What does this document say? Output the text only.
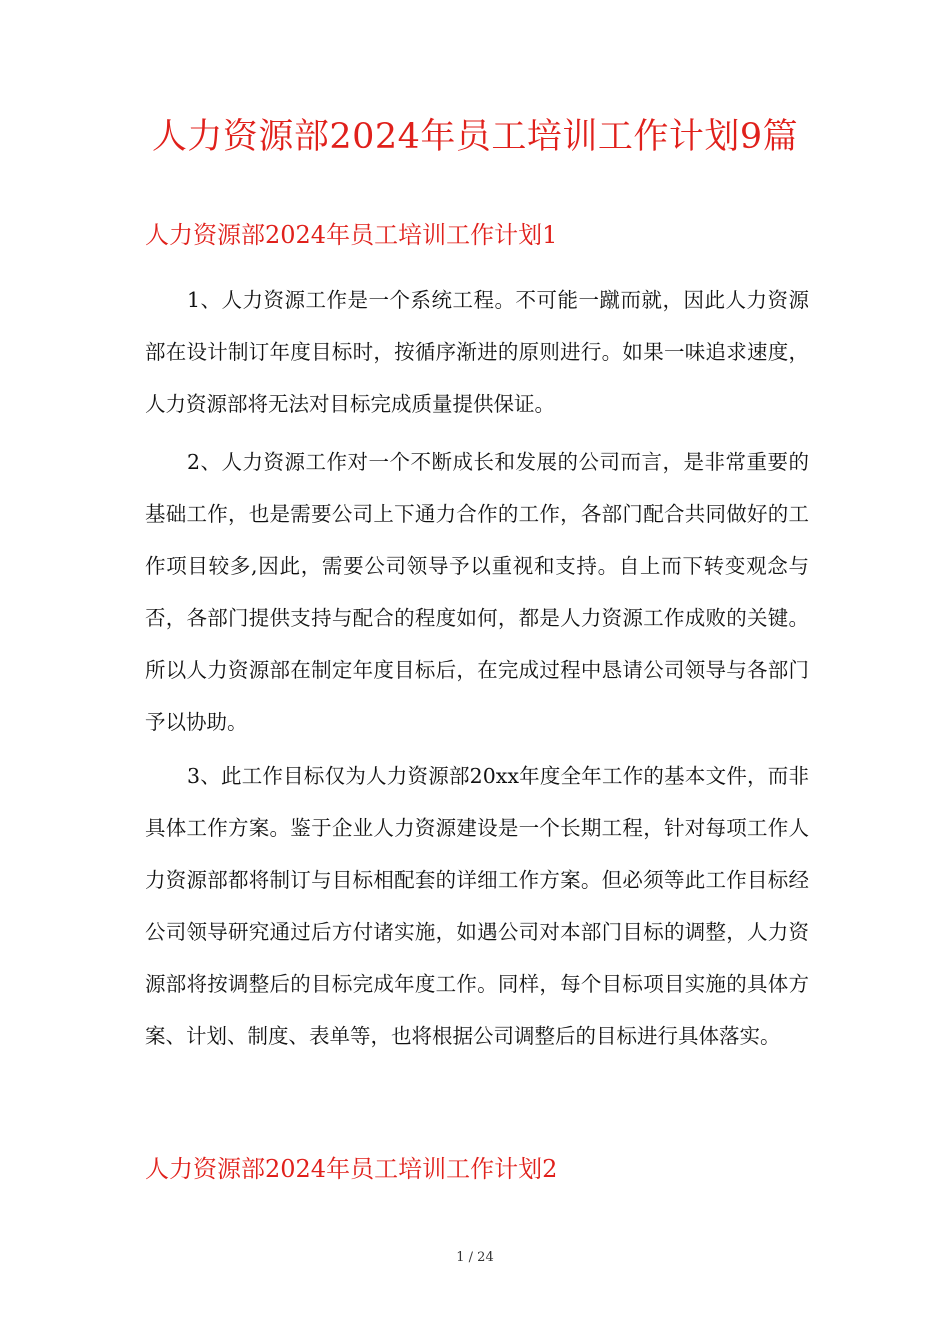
人力资源部2024年员工培训工作计划9篇
人力资源部2024年员工培训工作计划1

1、人力资源工作是一个系统工程。不可能一蹴而就，因此人力资源部在设计制订年度目标时，按循序渐进的原则进行。如果一味追求速度，人力资源部将无法对目标完成质量提供保证。

2、人力资源工作对一个不断成长和发展的公司而言，是非常重要的基础工作，也是需要公司上下通力合作的工作，各部门配合共同做好的工作项目较多,因此，需要公司领导予以重视和支持。自上而下转变观念与否，各部门提供支持与配合的程度如何，都是人力资源工作成败的关键。所以人力资源部在制定年度目标后，在完成过程中恳请公司领导与各部门予以协助。

3、此工作目标仅为人力资源部20xx年度全年工作的基本文件，而非具体工作方案。鉴于企业人力资源建设是一个长期工程，针对每项工作人力资源部都将制订与目标相配套的详细工作方案。但必须等此工作目标经公司领导研究通过后方付诸实施，如遇公司对本部门目标的调整，人力资源部将按调整后的目标完成年度工作。同样，每个目标项目实施的具体方案、计划、制度、表单等，也将根据公司调整后的目标进行具体落实。

人力资源部2024年员工培训工作计划2
1 / 24
